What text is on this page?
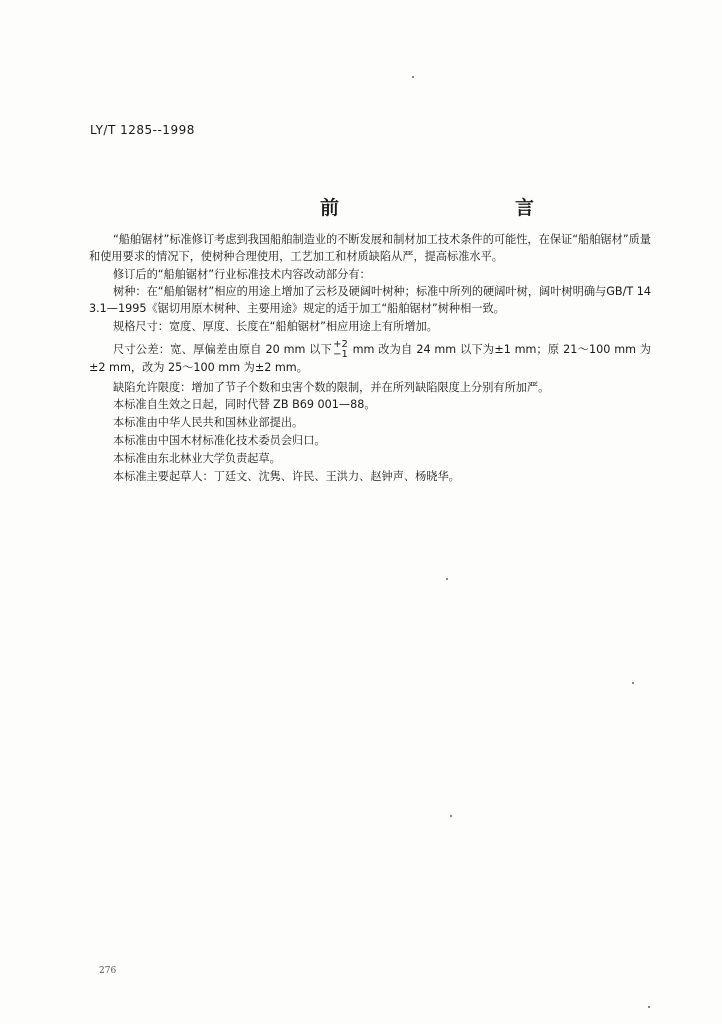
LY/T 1285--1998
前　　言

“船舶锯材”标准修订考虑到我国船舶制造业的不断发展和制材加工技术条件的可能性，在保证“船舶锯材”质量和使用要求的情况下，使树种合理使用，工艺加工和材质缺陷从严，提高标准水平。

修订后的“船舶锯材”行业标准技术内容改动部分有：

树种：在“船舶锯材”相应的用途上增加了云杉及硬阔叶树种；标准中所列的硬阔叶树，阔叶树明确与GB/T 143.1—1995《锯切用原木树种、主要用途》规定的适于加工“船舶锯材”树种相一致。

规格尺寸：宽度、厚度、长度在“船舶锯材”相应用途上有所增加。

尺寸公差：宽、厚偏差由原自 20 mm 以下 +2
−1 mm 改为自 24 mm 以下为±1 mm；原 21～100 mm 为±2 mm，改为 25～100 mm 为±2 mm。

缺陷允许限度：增加了节子个数和虫害个数的限制，并在所列缺陷限度上分别有所加严。

本标准自生效之日起，同时代替 ZB B69 001—88。

本标准由中华人民共和国林业部提出。

本标准由中国木材标准化技术委员会归口。

本标准由东北林业大学负责起草。

本标准主要起草人：丁廷文、沈隽、许民、王洪力、赵钟声、杨晓华。

276
